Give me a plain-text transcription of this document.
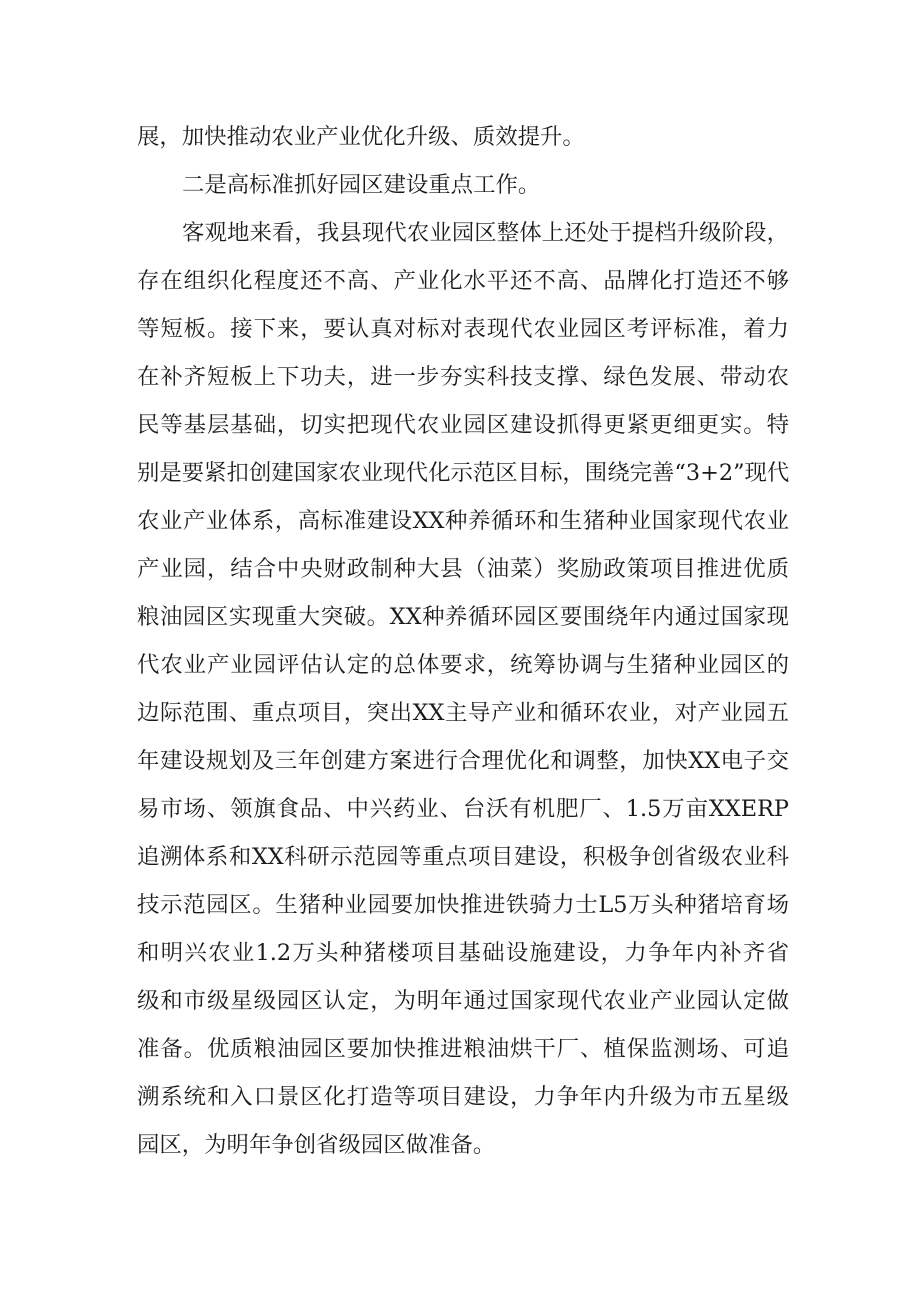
展，加快推动农业产业优化升级、质效提升。
二是高标准抓好园区建设重点工作。
客观地来看，我县现代农业园区整体上还处于提档升级阶段，
存在组织化程度还不高、产业化水平还不高、品牌化打造还不够
等短板。接下来，要认真对标对表现代农业园区考评标准，着力
在补齐短板上下功夫，进一步夯实科技支撑、绿色发展、带动农
民等基层基础，切实把现代农业园区建设抓得更紧更细更实。特
别是要紧扣创建国家农业现代化示范区目标，围绕完善“3+2”现代
农业产业体系，高标准建设XX种养循环和生猪种业国家现代农业
产业园，结合中央财政制种大县（油菜）奖励政策项目推进优质
粮油园区实现重大突破。XX种养循环园区要围绕年内通过国家现
代农业产业园评估认定的总体要求，统筹协调与生猪种业园区的
边际范围、重点项目，突出XX主导产业和循环农业，对产业园五
年建设规划及三年创建方案进行合理优化和调整，加快XX电子交
易市场、领旗食品、中兴药业、台沃有机肥厂、1.5万亩XXERP
追溯体系和XX科研示范园等重点项目建设，积极争创省级农业科
技示范园区。生猪种业园要加快推进铁骑力士L5万头种猪培育场
和明兴农业1.2万头种猪楼项目基础设施建设，力争年内补齐省
级和市级星级园区认定，为明年通过国家现代农业产业园认定做
准备。优质粮油园区要加快推进粮油烘干厂、植保监测场、可追
溯系统和入口景区化打造等项目建设，力争年内升级为市五星级
园区，为明年争创省级园区做准备。
